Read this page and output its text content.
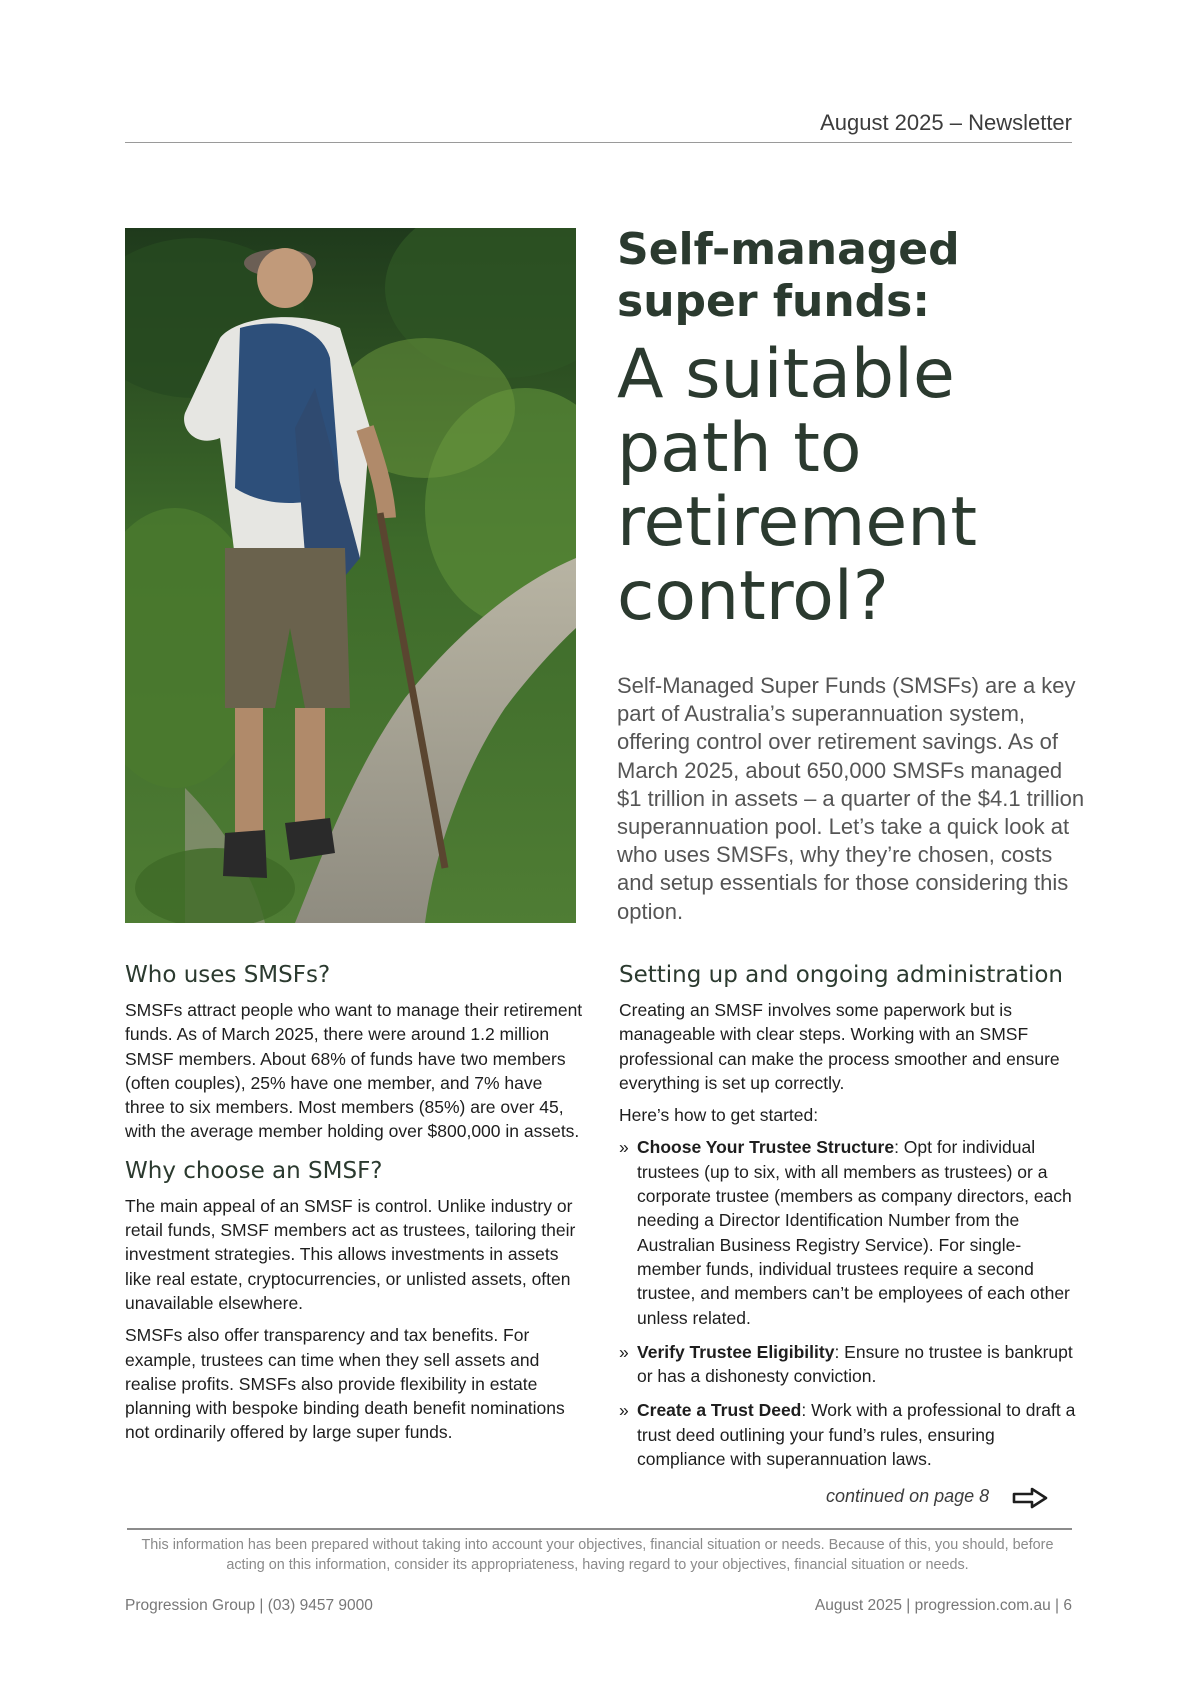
August 2025 – Newsletter
Self-managed super funds:
A suitable path to retirement control?

Self-Managed Super Funds (SMSFs) are a key part of Australia’s superannuation system, offering control over retirement savings. As of March 2025, about 650,000 SMSFs managed $1 trillion in assets – a quarter of the $4.1 trillion superannuation pool. Let’s take a quick look at who uses SMSFs, why they’re chosen, costs and setup essentials for those considering this option.

Who uses SMSFs?

SMSFs attract people who want to manage their retirement funds. As of March 2025, there were around 1.2 million SMSF members. About 68% of funds have two members (often couples), 25% have one member, and 7% have three to six members. Most members (85%) are over 45, with the average member holding over $800,000 in assets.

Why choose an SMSF?

The main appeal of an SMSF is control. Unlike industry or retail funds, SMSF members act as trustees, tailoring their investment strategies. This allows investments in assets like real estate, cryptocurrencies, or unlisted assets, often unavailable elsewhere.

SMSFs also offer transparency and tax benefits. For example, trustees can time when they sell assets and realise profits. SMSFs also provide flexibility in estate planning with bespoke binding death benefit nominations not ordinarily offered by large super funds.

Setting up and ongoing administration

Creating an SMSF involves some paperwork but is manageable with clear steps. Working with an SMSF professional can make the process smoother and ensure everything is set up correctly.

Here’s how to get started:

» Choose Your Trustee Structure: Opt for individual trustees (up to six, with all members as trustees) or a corporate trustee (members as company directors, each needing a Director Identification Number from the Australian Business Registry Service). For single-member funds, individual trustees require a second trustee, and members can’t be employees of each other unless related.
» Verify Trustee Eligibility: Ensure no trustee is bankrupt or has a dishonesty conviction.
» Create a Trust Deed: Work with a professional to draft a trust deed outlining your fund’s rules, ensuring compliance with superannuation laws.
continued on page 8

This information has been prepared without taking into account your objectives, financial situation or needs. Because of this, you should, before acting on this information, consider its appropriateness, having regard to your objectives, financial situation or needs.

Progression Group | (03) 9457 9000	August 2025 | progression.com.au | 6
